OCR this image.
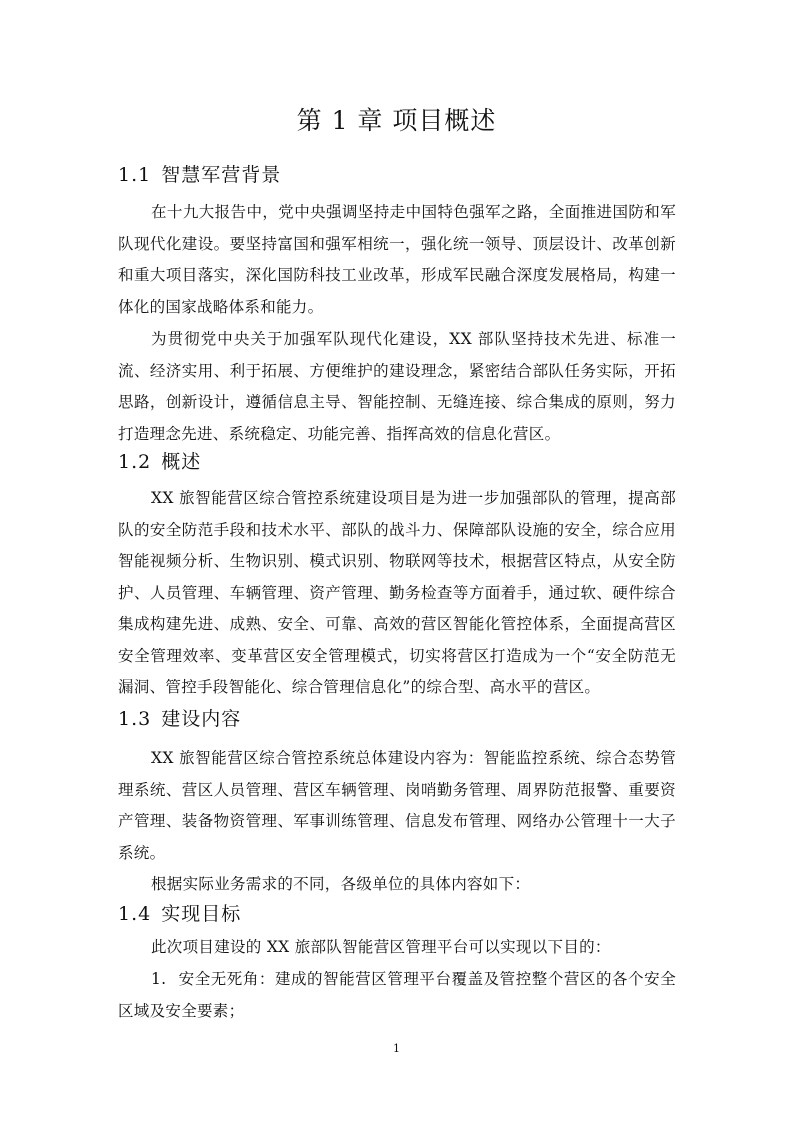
第 1 章 项目概述
1.1 智慧军营背景
在十九大报告中，党中央强调坚持走中国特色强军之路，全面推进国防和军队现代化建设。要坚持富国和强军相统一，强化统一领导、顶层设计、改革创新和重大项目落实，深化国防科技工业改革，形成军民融合深度发展格局，构建一体化的国家战略体系和能力。
为贯彻党中央关于加强军队现代化建设，XX 部队坚持技术先进、标准一流、经济实用、利于拓展、方便维护的建设理念，紧密结合部队任务实际，开拓思路，创新设计，遵循信息主导、智能控制、无缝连接、综合集成的原则，努力打造理念先进、系统稳定、功能完善、指挥高效的信息化营区。
1.2 概述
XX 旅智能营区综合管控系统建设项目是为进一步加强部队的管理，提高部队的安全防范手段和技术水平、部队的战斗力、保障部队设施的安全，综合应用智能视频分析、生物识别、模式识别、物联网等技术，根据营区特点，从安全防护、人员管理、车辆管理、资产管理、勤务检查等方面着手，通过软、硬件综合集成构建先进、成熟、安全、可靠、高效的营区智能化管控体系，全面提高营区安全管理效率、变革营区安全管理模式，切实将营区打造成为一个“安全防范无漏洞、管控手段智能化、综合管理信息化”的综合型、高水平的营区。
1.3 建设内容
XX 旅智能营区综合管控系统总体建设内容为：智能监控系统、综合态势管理系统、营区人员管理、营区车辆管理、岗哨勤务管理、周界防范报警、重要资产管理、装备物资管理、军事训练管理、信息发布管理、网络办公管理十一大子系统。
根据实际业务需求的不同，各级单位的具体内容如下：
1.4 实现目标
此次项目建设的 XX 旅部队智能营区管理平台可以实现以下目的：
1. 安全无死角：建成的智能营区管理平台覆盖及管控整个营区的各个安全区域及安全要素；
1
